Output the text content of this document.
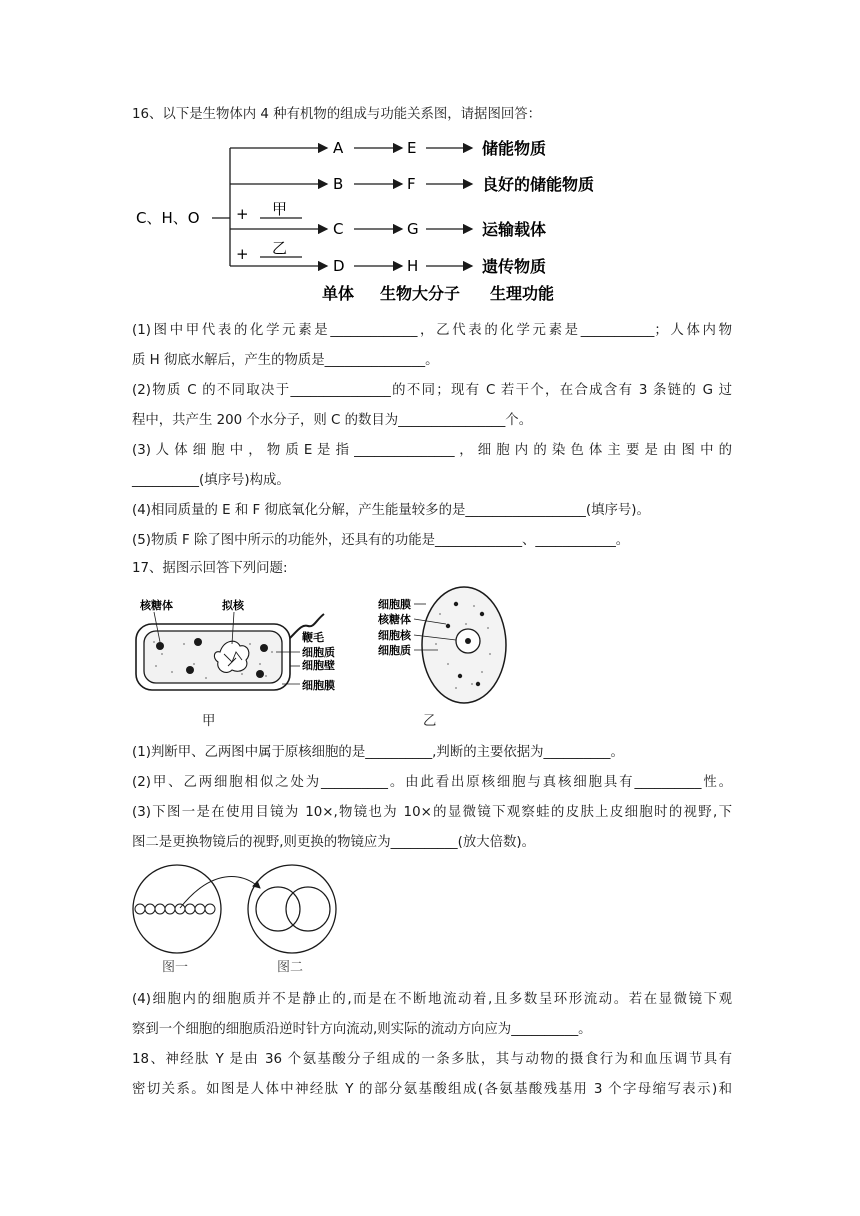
16、以下是生物体内 4 种有机物的组成与功能关系图，请据图回答：
C、H、O +
+
甲
乙
A	E	储能物质
B	F	良好的储能物质
C	G	运输载体
D	H	遗传物质
单体 生物大分子 生理功能
(1)图中甲代表的化学元素是_____________，乙代表的化学元素是___________；人体内物
质 H 彻底水解后，产生的物质是_______________。
(2)物质 C 的不同取决于_______________的不同；现有 C 若干个，在合成含有 3 条链的 G 过
程中，共产生 200 个水分子，则 C 的数目为________________个。
(3) 人 体 细 胞 中 ， 物 质 E 是 指 _______________ ， 细 胞 内 的 染 色 体 主 要 是 由 图 中 的
__________(填序号)构成。
(4)相同质量的 E 和 F 彻底氧化分解，产生能量较多的是__________________(填序号)。
(5)物质 F 除了图中所示的功能外，还具有的功能是_____________、____________。
17、据图示回答下列问题:
核糖体	拟核
鞭毛
细胞质
细胞壁
细胞膜
甲
细胞膜
核糖体
细胞核
细胞质
乙
(1)判断甲、乙两图中属于原核细胞的是__________,判断的主要依据为__________。
(2)甲、乙两细胞相似之处为__________。由此看出原核细胞与真核细胞具有__________性。
(3)下图一是在使用目镜为 10×,物镜也为 10×的显微镜下观察蛙的皮肤上皮细胞时的视野,下
图二是更换物镜后的视野,则更换的物镜应为__________(放大倍数)。
图一	图二
(4)细胞内的细胞质并不是静止的,而是在不断地流动着,且多数呈环形流动。若在显微镜下观
察到一个细胞的细胞质沿逆时针方向流动,则实际的流动方向应为__________。
18、神经肽 Y 是由 36 个氨基酸分子组成的一条多肽，其与动物的摄食行为和血压调节具有
密切关系。如图是人体中神经肽 Y 的部分氨基酸组成(各氨基酸残基用 3 个字母缩写表示)和
